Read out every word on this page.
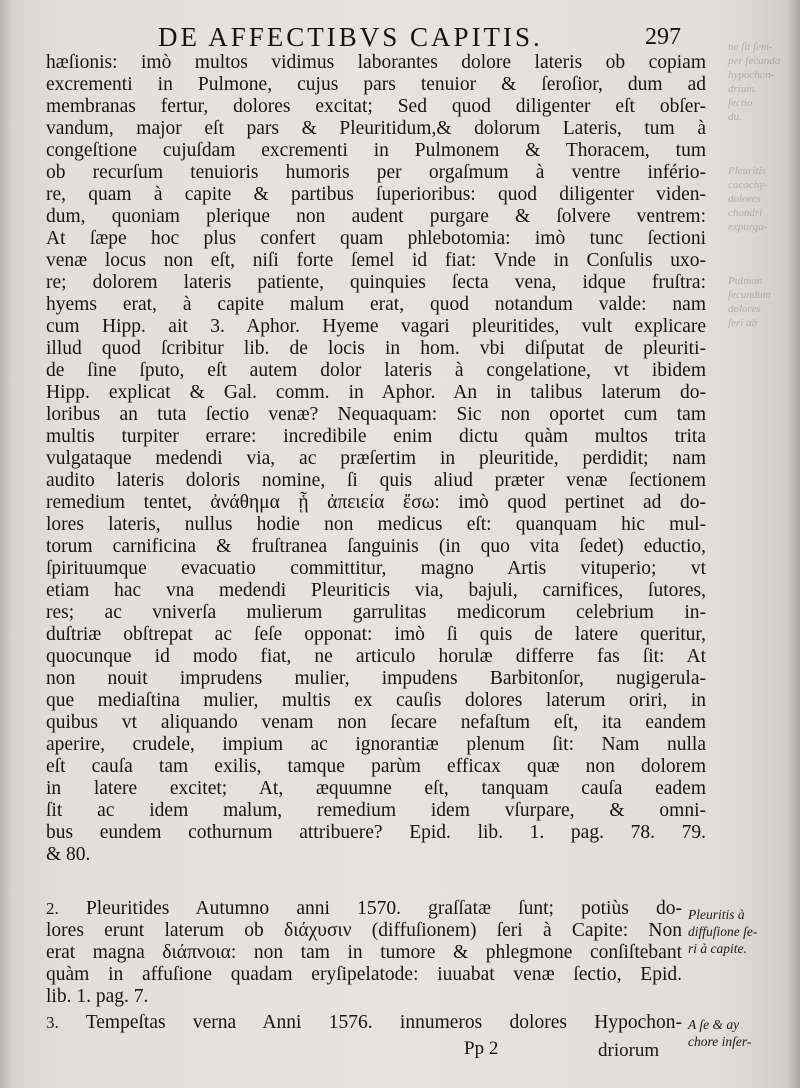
DE AFFECTIBVS CAPITIS.	297	ne ſit ſem-
per ſecanda
hypochon-
drium.
ſectio
du.
Pleuritis
cacochy-
dolores
chondri
expurga-
Pulmon
ſecundum
dolores
ſeri ab
hæſionis: imò multos vidimus laborantes dolore lateris ob copiam
excrementi in Pulmone, cujus pars tenuior & ſeroſior, dum ad
membranas fertur, dolores excitat; Sed quod diligenter eſt obſer-
vandum, major eſt pars & Pleuritidum,& dolorum Lateris, tum à
congeſtione cujuſdam excrementi in Pulmonem & Thoracem, tum
ob recurſum tenuioris humoris per orgaſmum à ventre infério-
re, quam à capite & partibus ſuperioribus: quod diligenter viden-
dum, quoniam plerique non audent purgare & ſolvere ventrem:
At ſæpe hoc plus confert quam phlebotomia: imò tunc ſectioni
venæ locus non eſt, niſi forte ſemel id fiat: Vnde in Conſulis uxo-
re; dolorem lateris patiente, quinquies ſecta vena, idque fruſtra:
hyems erat, à capite malum erat, quod notandum valde: nam
cum Hipp. ait 3. Aphor. Hyeme vagari pleuritides, vult explicare
illud quod ſcribitur lib. de locis in hom. vbi diſputat de pleuriti-
de ſine ſputo, eſt autem dolor lateris à congelatione, vt ibidem
Hipp. explicat & Gal. comm. in Aphor. An in talibus laterum do-
loribus an tuta ſectio venæ? Nequaquam: Sic non oportet cum tam
multis turpiter errare: incredibile enim dictu quàm multos trita
vulgataque medendi via, ac præſertim in pleuritide, perdidit; nam
audito lateris doloris nomine, ſi quis aliud præter venæ ſectionem
remedium tentet, ἀνάθημα ᾗ ἀπειεία ἔσω: imò quod pertinet ad do-
lores lateris, nullus hodie non medicus eſt: quanquam hic mul-
torum carnificina & fruſtranea ſanguinis (in quo vita ſedet) eductio,
ſpirituumque evacuatio committitur, magno Artis vituperio; vt
etiam hac vna medendi Pleuriticis via, bajuli, carnifices, ſutores,
res; ac vniverſa mulierum garrulitas medicorum celebrium in-
duſtriæ obſtrepat ac ſeſe opponat: imò ſi quis de latere queritur,
quocunque id modo fiat, ne articulo horulæ differre fas ſit: At
non nouit imprudens mulier, impudens Barbitonſor, nugigerula-
que mediaſtina mulier, multis ex cauſis dolores laterum oriri, in
quibus vt aliquando venam non ſecare nefaſtum eſt, ita eandem
aperire, crudele, impium ac ignorantiæ plenum ſit: Nam nulla
eſt cauſa tam exilis, tamque parùm efficax quæ non dolorem
in latere excitet; At, æquumne eſt, tanquam cauſa eadem
ſit ac idem malum, remedium idem vſurpare, & omni-
bus eundem cothurnum attribuere? Epid. lib. 1. pag. 78. 79.
& 80.
2. Pleuritides Autumno anni 1570. graſſatæ ſunt; potiùs do-
lores erunt laterum ob διάχυσιν (diffuſionem) ſeri à Capite: Non
erat magna διάπνοια: non tam in tumore & phlegmone conſiſtebant
quàm in affuſione quadam eryſipelatode: iuuabat venæ ſectio, Epid.
lib. 1. pag. 7.
3. Tempeſtas verna Anni 1576. innumeros dolores Hypochon-
Pleuritis à
diffuſione ſe-
ri à capite.
A ſe & ay
chore inſer-
Pp 2	driorum
